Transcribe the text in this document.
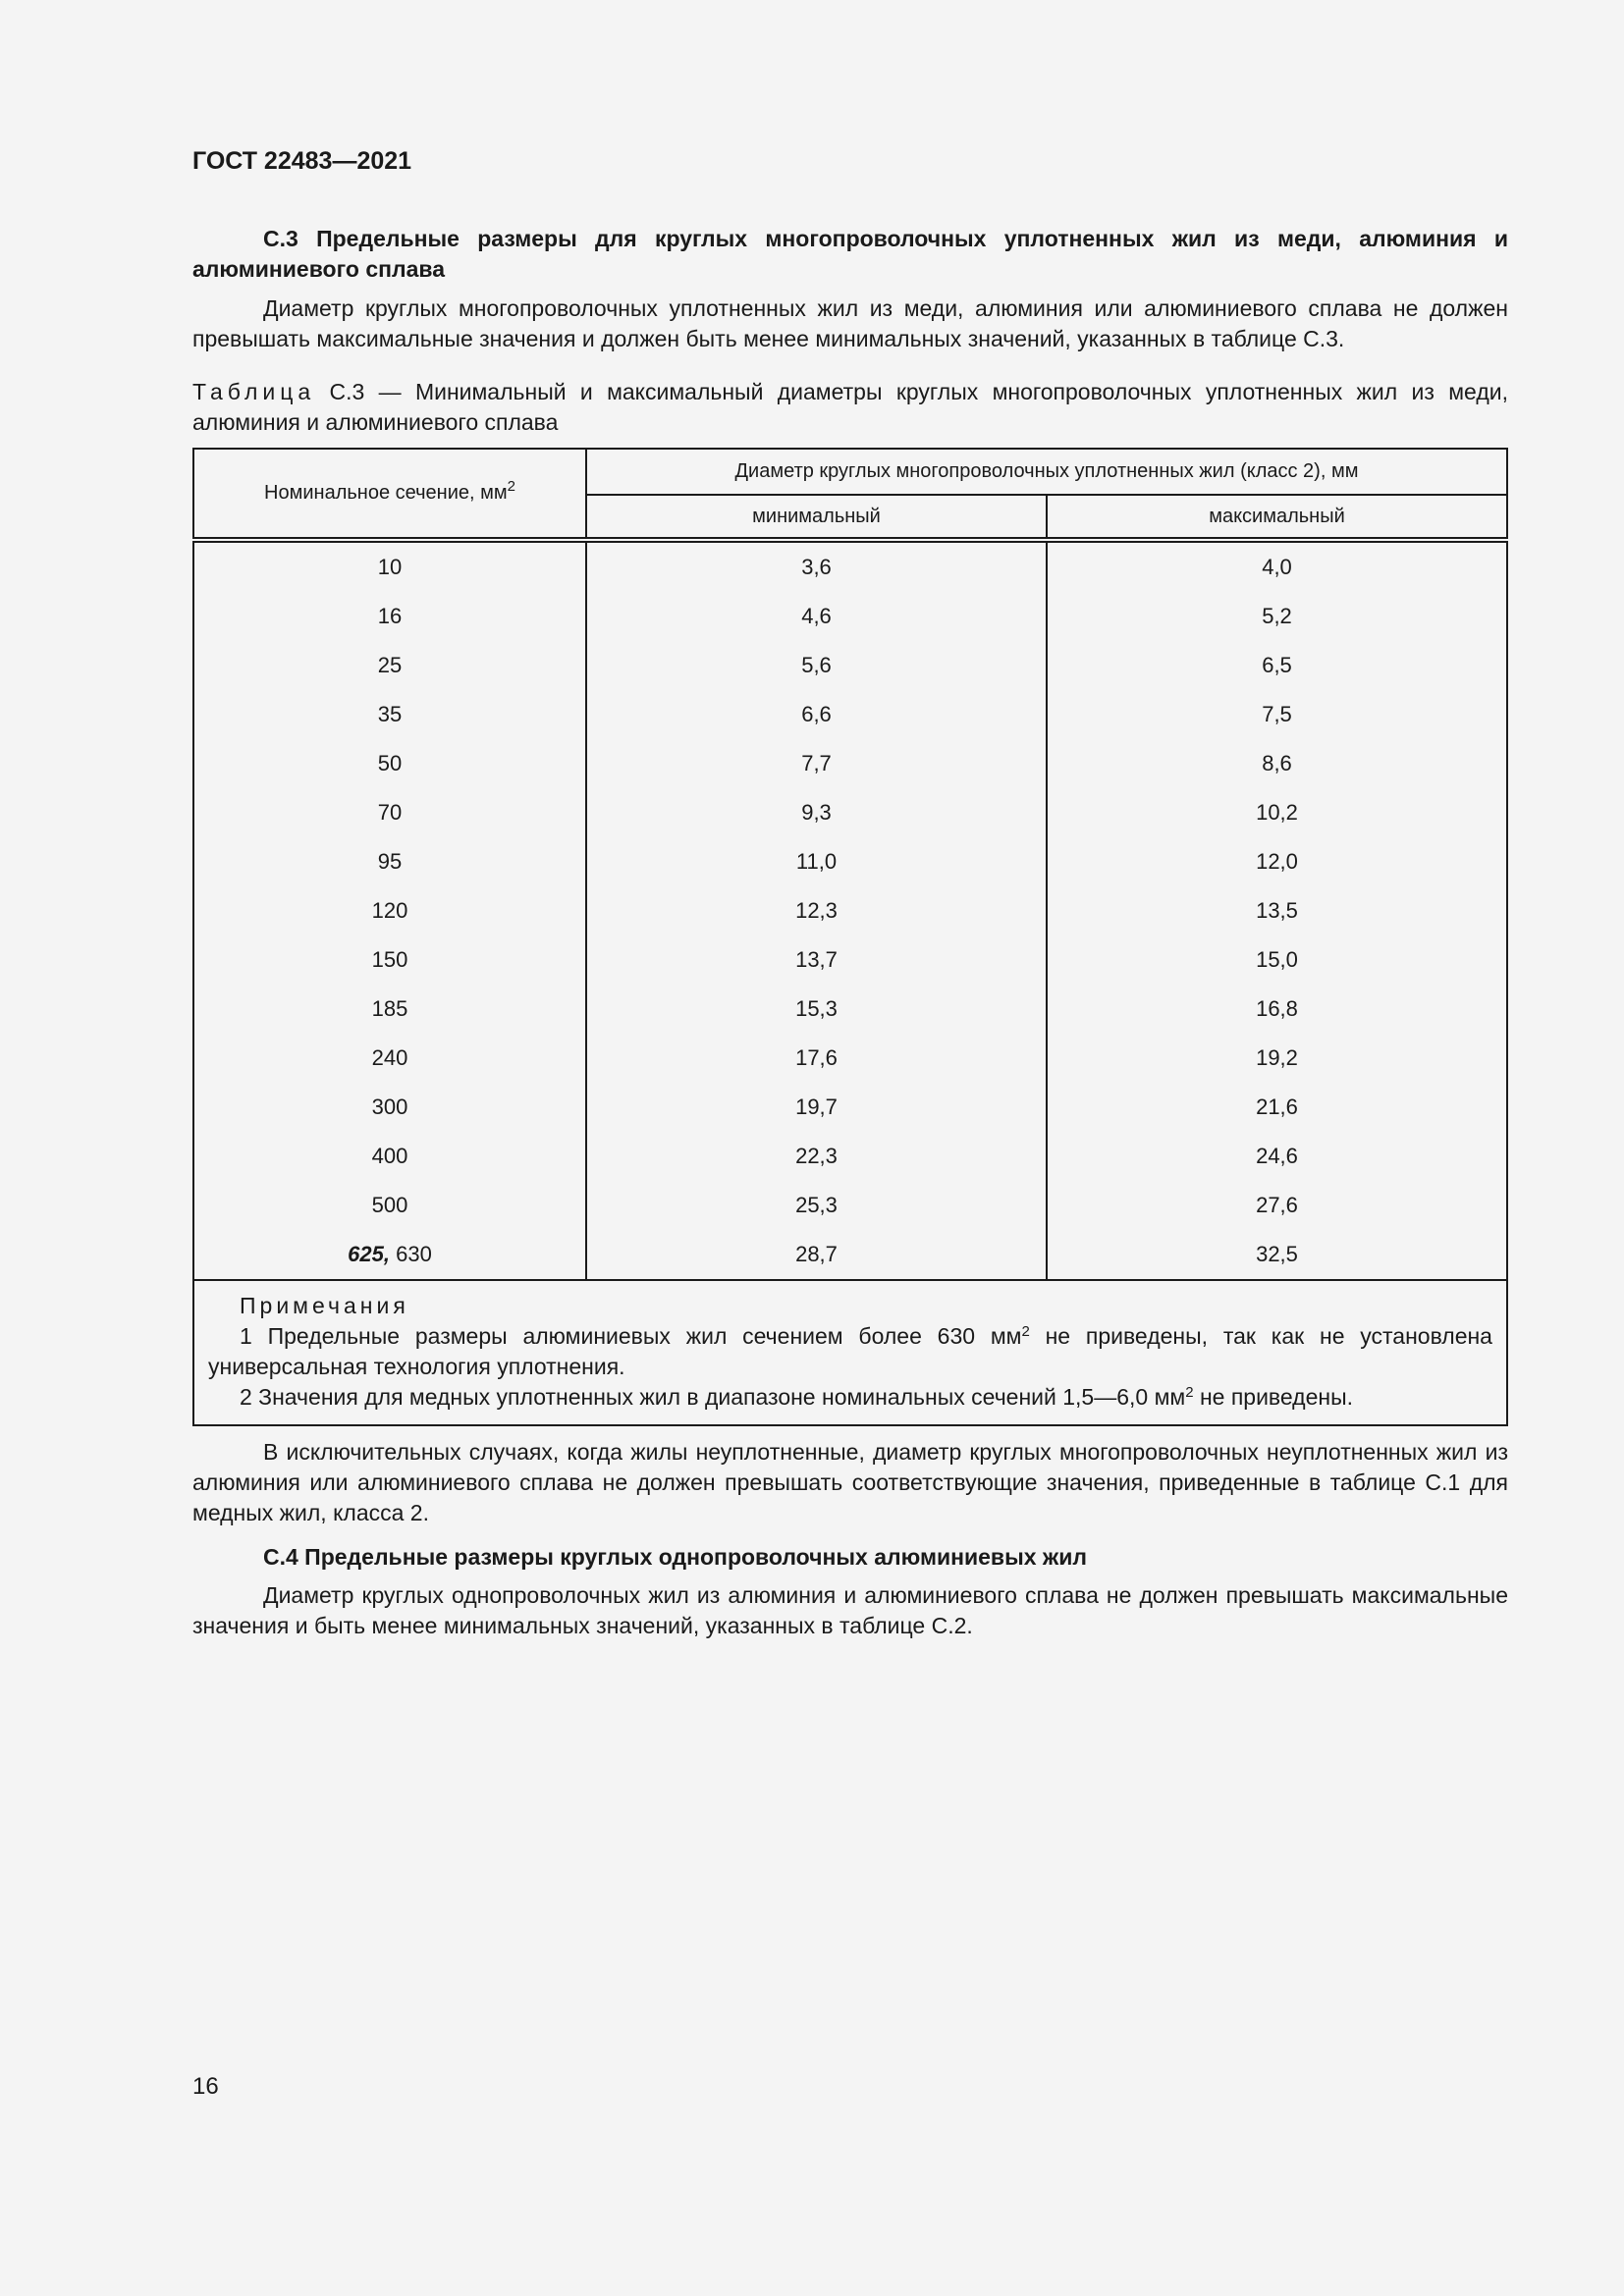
ГОСТ 22483—2021
С.3 Предельные размеры для круглых многопроволочных уплотненных жил из меди, алюминия и алюминиевого сплава
Диаметр круглых многопроволочных уплотненных жил из меди, алюминия или алюминиевого сплава не должен превышать максимальные значения и должен быть менее минимальных значений, указанных в таблице С.3.
Таблица С.3 — Минимальный и максимальный диаметры круглых многопроволочных уплотненных жил из меди, алюминия и алюминиевого сплава
Номинальное сечение, $мм^2$	Диаметр круглых многопроволочных уплотненных жил (класс 2), мм	
	минимальный	максимальный
10	3,6	4,0
16	4,6	5,2
25	5,6	6,5
35	6,6	7,5
50	7,7	8,6
70	9,3	10,2
95	11,0	12,0
120	12,3	13,5
150	13,7	15,0
185	15,3	16,8
240	17,6	19,2
300	19,7	21,6
400	22,3	24,6
500	25,3	27,6
625, 630	28,7	32,5

Примечания
1 Предельные размеры алюминиевых жил сечением более 630 $мм^2$ не приведены, так как не установлена универсальная технология уплотнения.
2 Значения для медных уплотненных жил в диапазоне номинальных сечений 1,5—6,0 $мм^2$ не приведены.		
В исключительных случаях, когда жилы неуплотненные, диаметр круглых многопроволочных неуплотненных жил из алюминия или алюминиевого сплава не должен превышать соответствующие значения, приведенные в таблице С.1 для медных жил, класса 2.
С.4 Предельные размеры круглых однопроволочных алюминиевых жил
Диаметр круглых однопроволочных жил из алюминия и алюминиевого сплава не должен превышать максимальные значения и быть менее минимальных значений, указанных в таблице С.2.
16
